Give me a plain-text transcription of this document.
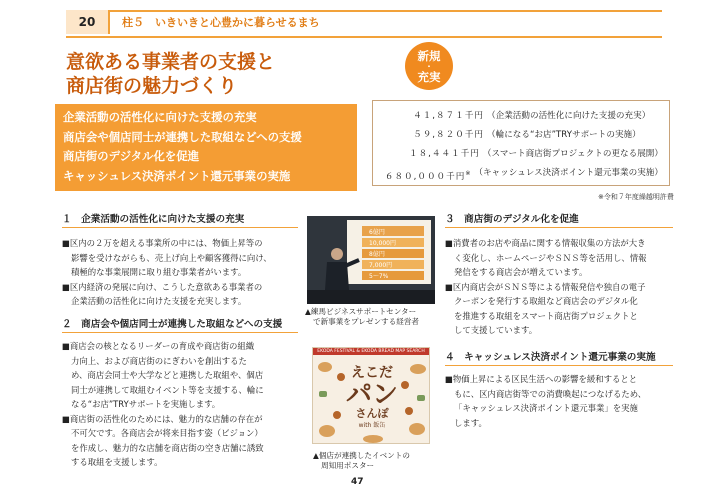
20	柱５　いきいきと心豊かに暮らせるまち
意欲ある事業者の支援と
商店街の魅力づくり
新規
・
充実
企業活動の活性化に向けた支援の充実
商店会や個店同士が連携した取組などへの支援
商店街のデジタル化を促進
キャッシュレス決済ポイント還元事業の実施
４１,８７１千円 （企業活動の活性化に向けた支援の充実）
５９,８２０千円 （輪になる“お店”TRYサポートの実施）
１８,４４１千円 （スマート商店街プロジェクトの更なる展開）
６８０,０００千円※ （キャッシュレス決済ポイント還元事業の実施）
※令和７年度繰越明許費
１　企業活動の活性化に向けた支援の充実
■区内の２万を超える事業所の中には、物価上昇等の
影響を受けながらも、売上げ向上や顧客獲得に向け、
積極的な事業展開に取り組む事業者がいます。
■区内経済の発展に向け、こうした意欲ある事業者の
企業活動の活性化に向けた支援を充実します。
２　商店会や個店同士が連携した取組などへの支援
■商店会の核となるリーダーの育成や商店街の組織
力向上、および商店街のにぎわいを創出するた
め、商店会同士や大学などと連携した取組や、個店
同士が連携して取組むイベント等を支援する、輪に
なる“お店”TRYサポートを実施します。
■商店街の活性化のためには、魅力的な店舗の存在が
不可欠です。各商店会が将来目指す姿（ビジョン）
を作成し、魅力的な店舗を商店街の空き店舗に誘致
する取組を支援します。
6億円
10,000円
8億円
7,000円
5〜7%
▲練馬ビジネスサポートセンター
で新事業をプレゼンする経営者
EKODA FESTIVAL & EKODA BREAD MAP SEARCH
えこだ
パン
さんぽ
with 飯缶
▲個店が連携したイベントの
周知用ポスター
３　商店街のデジタル化を促進
■消費者のお店や商品に関する情報収集の方法が大き
く変化し、ホームページやＳＮＳ等を活用し、情報
発信をする商店会が増えています。
■区内商店会がＳＮＳ等による情報発信や独自の電子
クーポンを発行する取組など商店会のデジタル化
を推進する取組をスマート商店街プロジェクトと
して支援しています。
４　キャッシュレス決済ポイント還元事業の実施
■物価上昇による区民生活への影響を緩和するとと
もに、区内商店街等での消費喚起につなげるため、
「キャッシュレス決済ポイント還元事業」を実施
します。
47
